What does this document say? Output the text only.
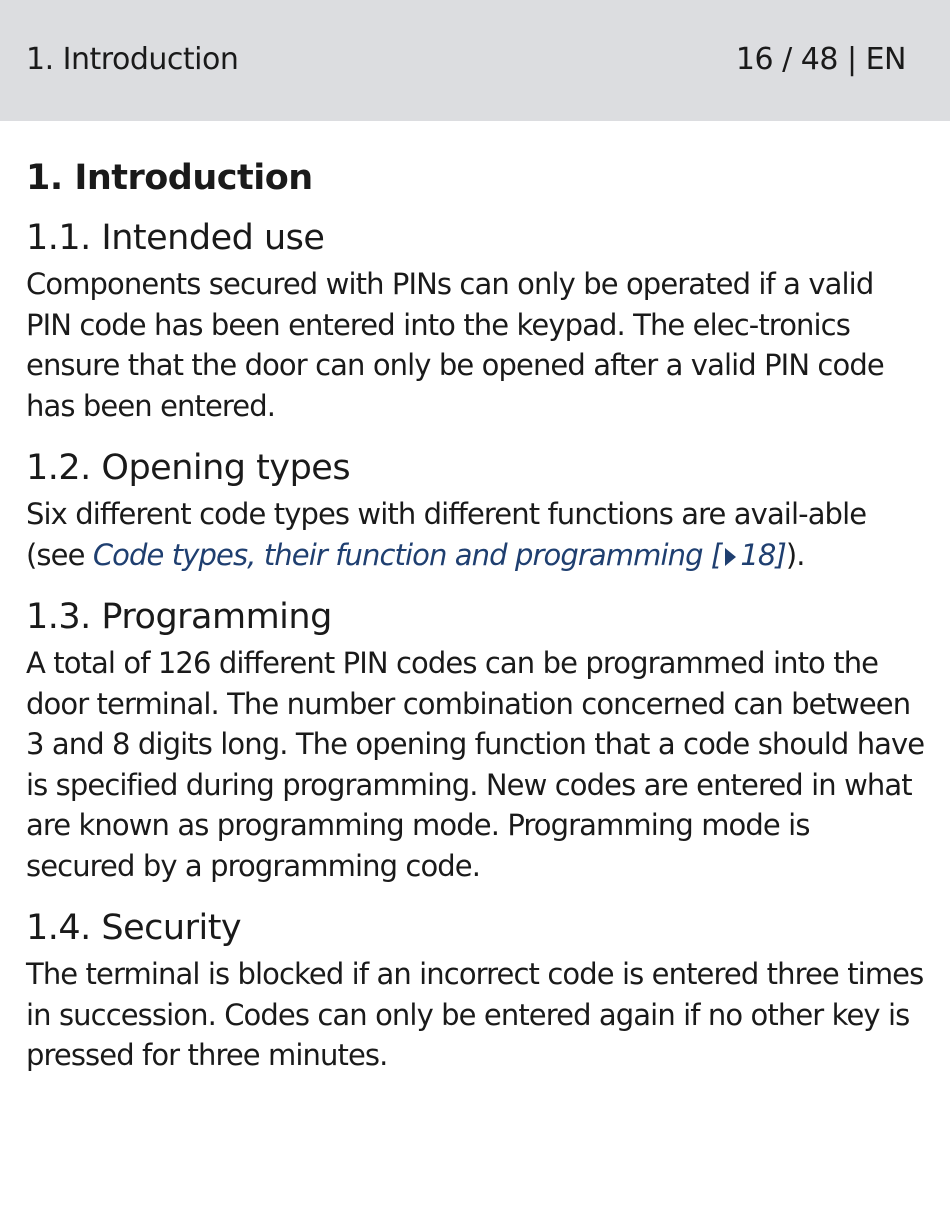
1. Introduction	16 / 48 | EN
1. Introduction
1.1. Intended use

Components secured with PINs can only be operated if a valid PIN code has been entered into the keypad. The elec-tronics ensure that the door can only be opened after a valid PIN code has been entered.

1.2. Opening types

Six different code types with different functions are avail-able (see Code types, their function and programming [ 18]).

1.3. Programming

A total of 126 different PIN codes can be programmed into the door terminal. The number combination concerned can between 3 and 8 digits long. The opening function that a code should have is specified during programming. New codes are entered in what are known as programming mode. Programming mode is secured by a programming code.

1.4. Security

The terminal is blocked if an incorrect code is entered three times in succession. Codes can only be entered again if no other key is pressed for three minutes.
